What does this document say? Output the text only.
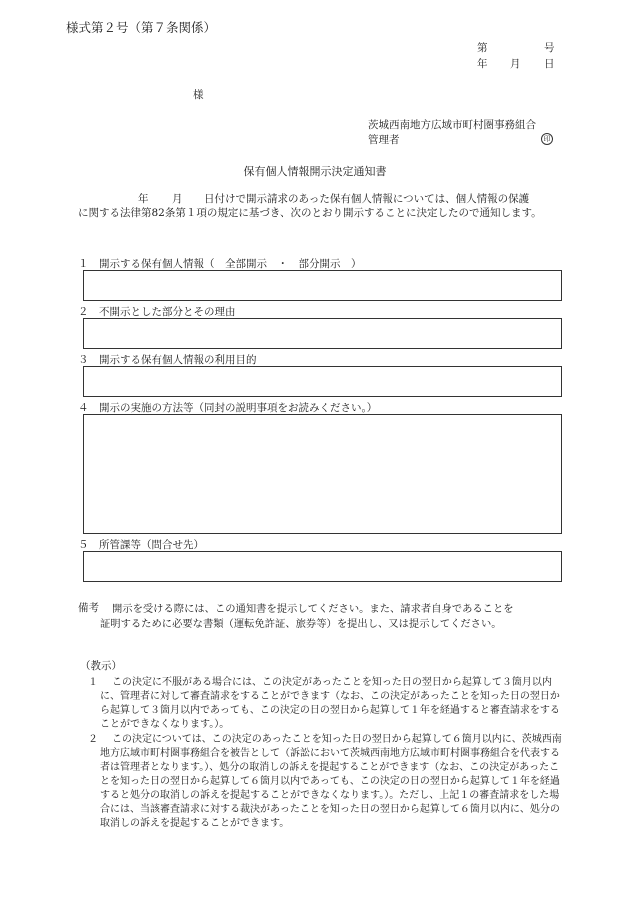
様式第２号（第７条関係）
第	号
年 月 日
様
茨城西南地方広域市町村圏事務組合
管理者	印
保有個人情報開示決定通知書
年 月 日付けで開示請求のあった保有個人情報については、個人情報の保護
に関する法律第82条第１項の規定に基づき、次のとおり開示することに決定したので通知します。
１　開示する保有個人情報（　全部開示　・　部分開示　）
２　不開示とした部分とその理由
３　開示する保有個人情報の利用目的
４　開示の実施の方法等（同封の説明事項をお読みください。）
５　所管課等（問合せ先）
備考 開示を受ける際には、この通知書を提示してください。また、請求者自身であることを
証明するために必要な書類（運転免許証、旅券等）を提出し、又は提示してください。
（教示）
１	この決定に不服がある場合には、この決定があったことを知った日の翌日から起算して３箇月以内に、管理者に対して審査請求をすることができます（なお、この決定があったことを知った日の翌日から起算して３箇月以内であっても、この決定の日の翌日から起算して１年を経過すると審査請求をすることができなくなります。）。
２	この決定については、この決定のあったことを知った日の翌日から起算して６箇月以内に、茨城西南地方広域市町村圏事務組合を被告として（訴訟において茨城西南地方広域市町村圏事務組合を代表する者は管理者となります。）、処分の取消しの訴えを提起することができます（なお、この決定があったことを知った日の翌日から起算して６箇月以内であっても、この決定の日の翌日から起算して１年を経過すると処分の取消しの訴えを提起することができなくなります。）。ただし、上記１の審査請求をした場合には、当該審査請求に対する裁決があったことを知った日の翌日から起算して６箇月以内に、処分の取消しの訴えを提起することができます。
